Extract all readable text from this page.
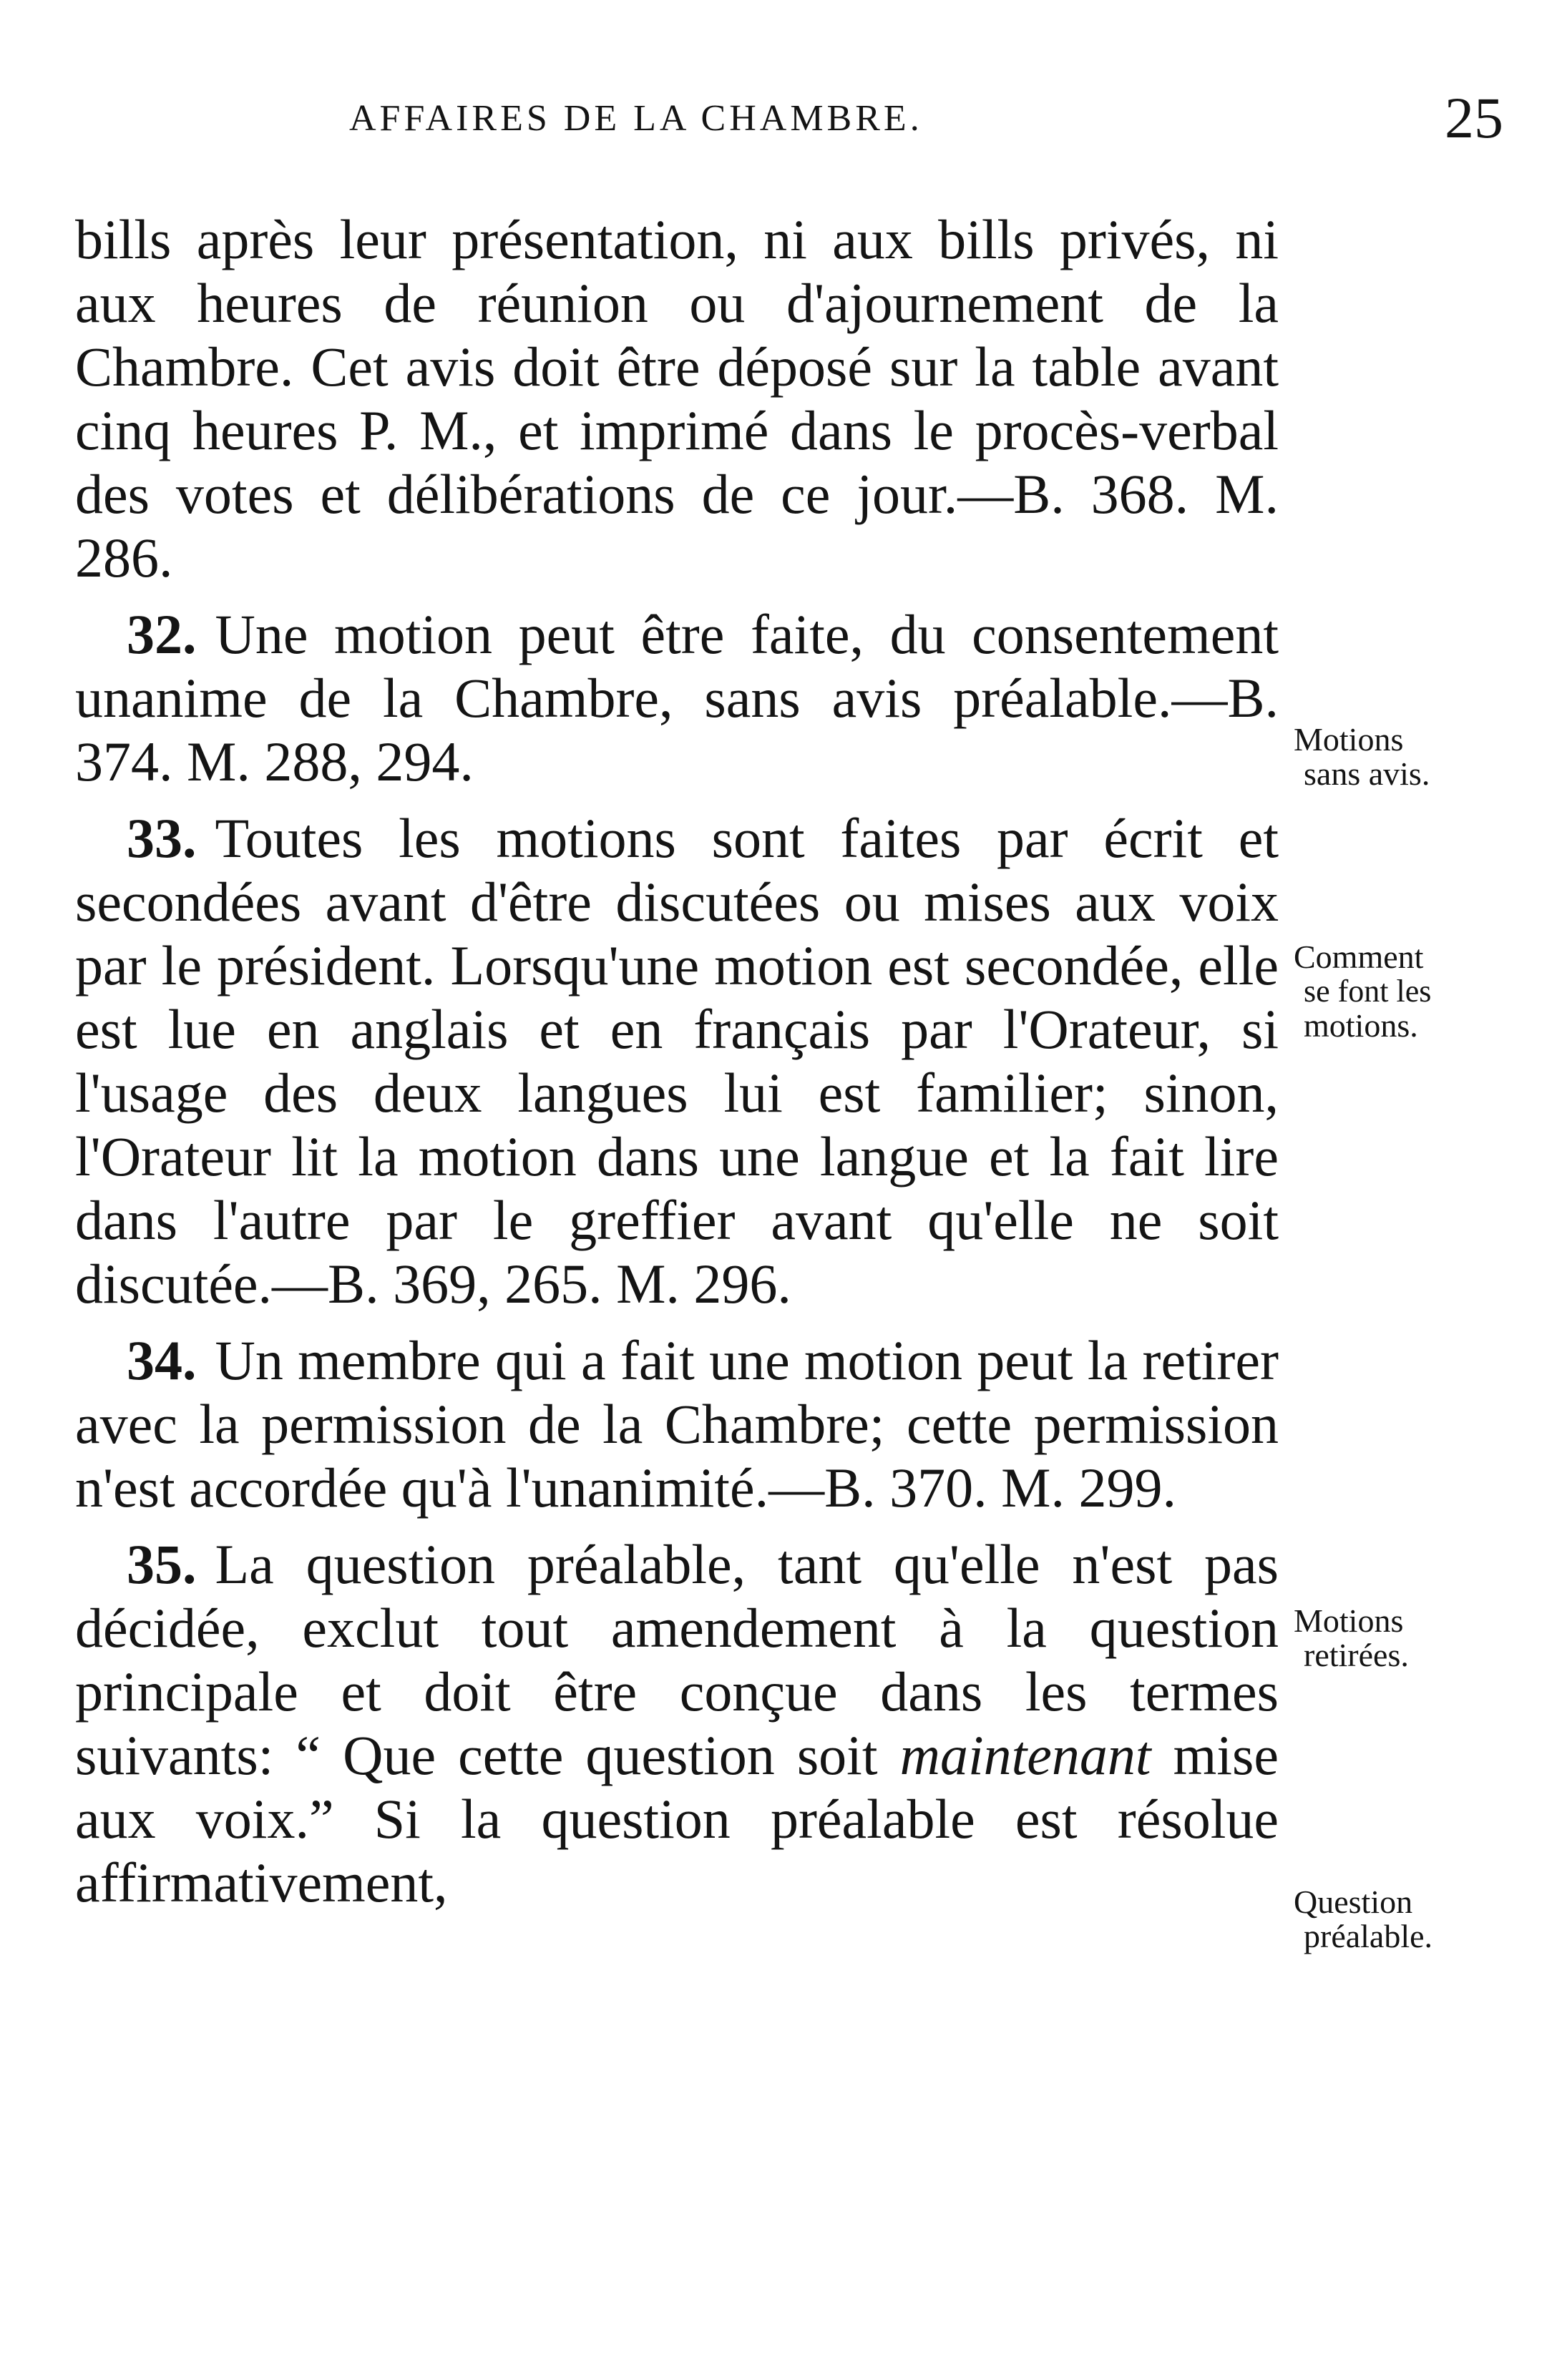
AFFAIRES DE LA CHAMBRE.	25

bills après leur présentation, ni aux bills privés, ni aux heures de réunion ou d'ajournement de la Chambre. Cet avis doit être déposé sur la table avant cinq heures P. M., et imprimé dans le procès-verbal des votes et délibérations de ce jour.—B. 368. M. 286.

32. Une motion peut être faite, du consentement unanime de la Chambre, sans avis préalable.—B. 374. M. 288, 294.

33. Toutes les motions sont faites par écrit et secondées avant d'être discutées ou mises aux voix par le président. Lorsqu'une motion est secondée, elle est lue en anglais et en français par l'Orateur, si l'usage des deux langues lui est familier; sinon, l'Orateur lit la motion dans une langue et la fait lire dans l'autre par le greffier avant qu'elle ne soit discutée.—B. 369, 265. M. 296.

34. Un membre qui a fait une motion peut la retirer avec la permission de la Chambre; cette permission n'est accordée qu'à l'unanimité.—B. 370. M. 299.

35. La question préalable, tant qu'elle n'est pas décidée, exclut tout amendement à la question principale et doit être conçue dans les termes suivants: “ Que cette question soit maintenant mise aux voix.” Si la question préalable est résolue affirmativement,

Motions
sans avis.
Comment
se font les
motions.
Motions
retirées.
Question
préalable.
